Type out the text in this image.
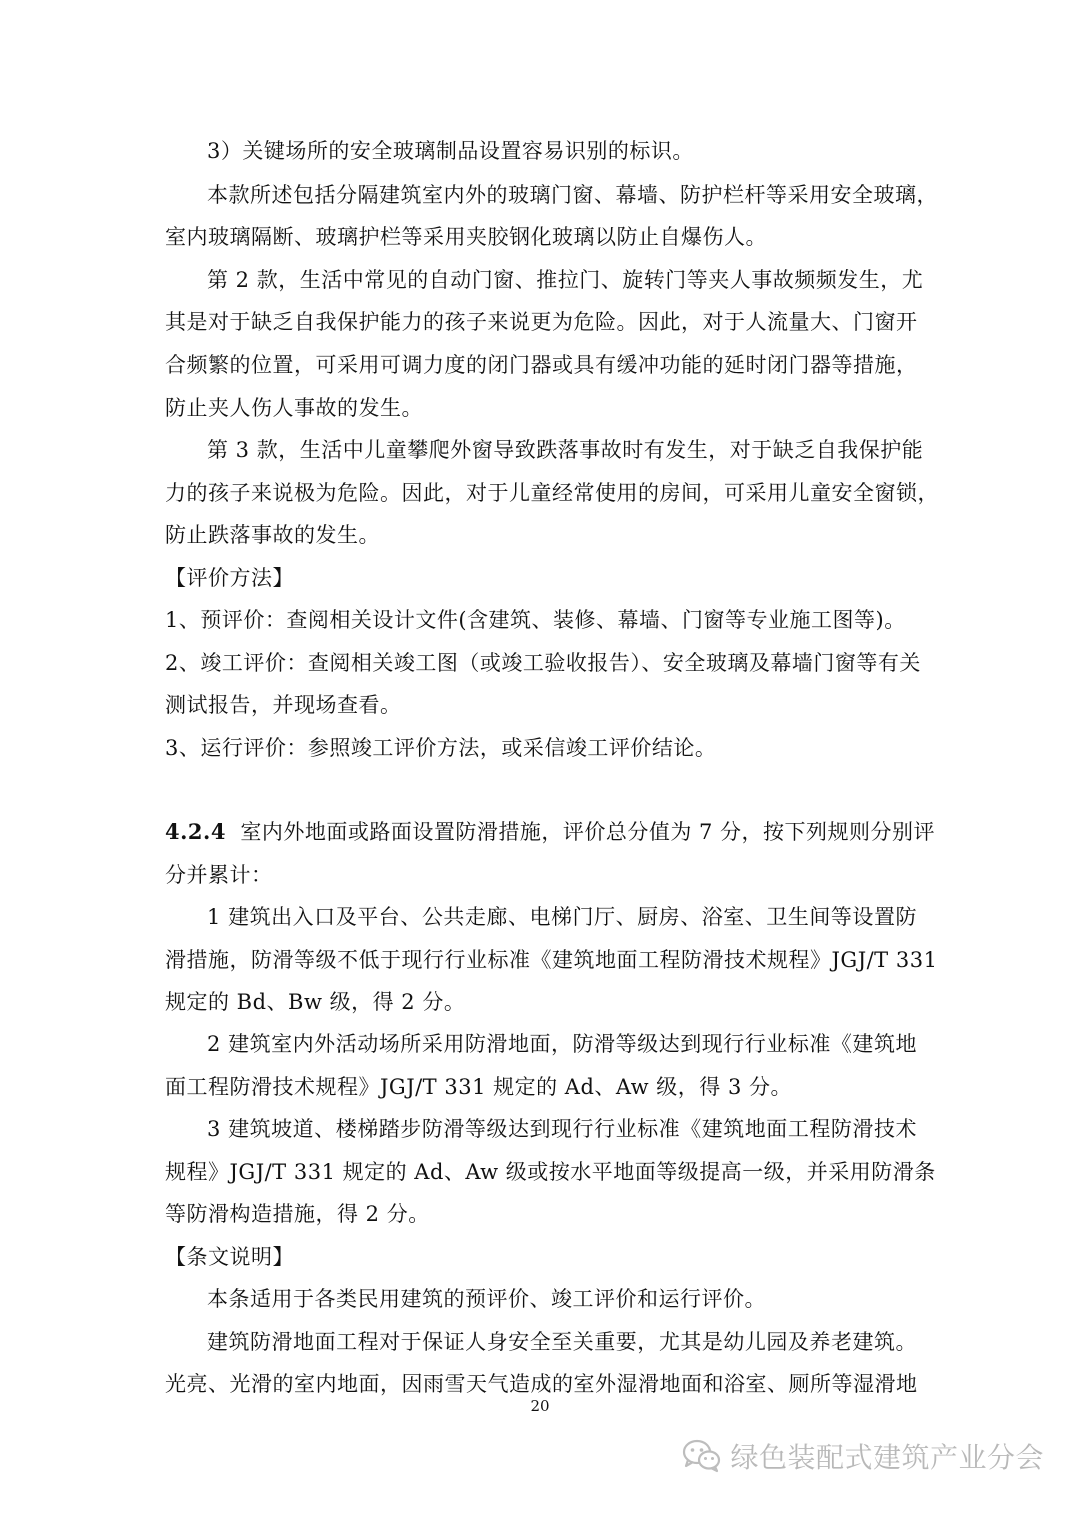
3）关键场所的安全玻璃制品设置容易识别的标识。
本款所述包括分隔建筑室内外的玻璃门窗、幕墙、防护栏杆等采用安全玻璃，
室内玻璃隔断、玻璃护栏等采用夹胶钢化玻璃以防止自爆伤人。
第 2 款，生活中常见的自动门窗、推拉门、旋转门等夹人事故频频发生，尤
其是对于缺乏自我保护能力的孩子来说更为危险。因此，对于人流量大、门窗开
合频繁的位置，可采用可调力度的闭门器或具有缓冲功能的延时闭门器等措施，
防止夹人伤人事故的发生。
第 3 款，生活中儿童攀爬外窗导致跌落事故时有发生，对于缺乏自我保护能
力的孩子来说极为危险。因此，对于儿童经常使用的房间，可采用儿童安全窗锁，
防止跌落事故的发生。
【评价方法】
1、预评价：查阅相关设计文件(含建筑、装修、幕墙、门窗等专业施工图等)。
2、竣工评价：查阅相关竣工图（或竣工验收报告）、安全玻璃及幕墙门窗等有关
测试报告，并现场查看。
3、运行评价：参照竣工评价方法，或采信竣工评价结论。
4.2.4 室内外地面或路面设置防滑措施，评价总分值为 7 分，按下列规则分别评
分并累计：
1 建筑出入口及平台、公共走廊、电梯门厅、厨房、浴室、卫生间等设置防
滑措施，防滑等级不低于现行行业标准《建筑地面工程防滑技术规程》JGJ/T 331
规定的 Bd、Bw 级，得 2 分。
2 建筑室内外活动场所采用防滑地面，防滑等级达到现行行业标准《建筑地
面工程防滑技术规程》JGJ/T 331 规定的 Ad、Aw 级，得 3 分。
3 建筑坡道、楼梯踏步防滑等级达到现行行业标准《建筑地面工程防滑技术
规程》JGJ/T 331 规定的 Ad、Aw 级或按水平地面等级提高一级，并采用防滑条
等防滑构造措施，得 2 分。
【条文说明】
本条适用于各类民用建筑的预评价、竣工评价和运行评价。
建筑防滑地面工程对于保证人身安全至关重要，尤其是幼儿园及养老建筑。
光亮、光滑的室内地面，因雨雪天气造成的室外湿滑地面和浴室、厕所等湿滑地
20
绿色装配式建筑产业分会
